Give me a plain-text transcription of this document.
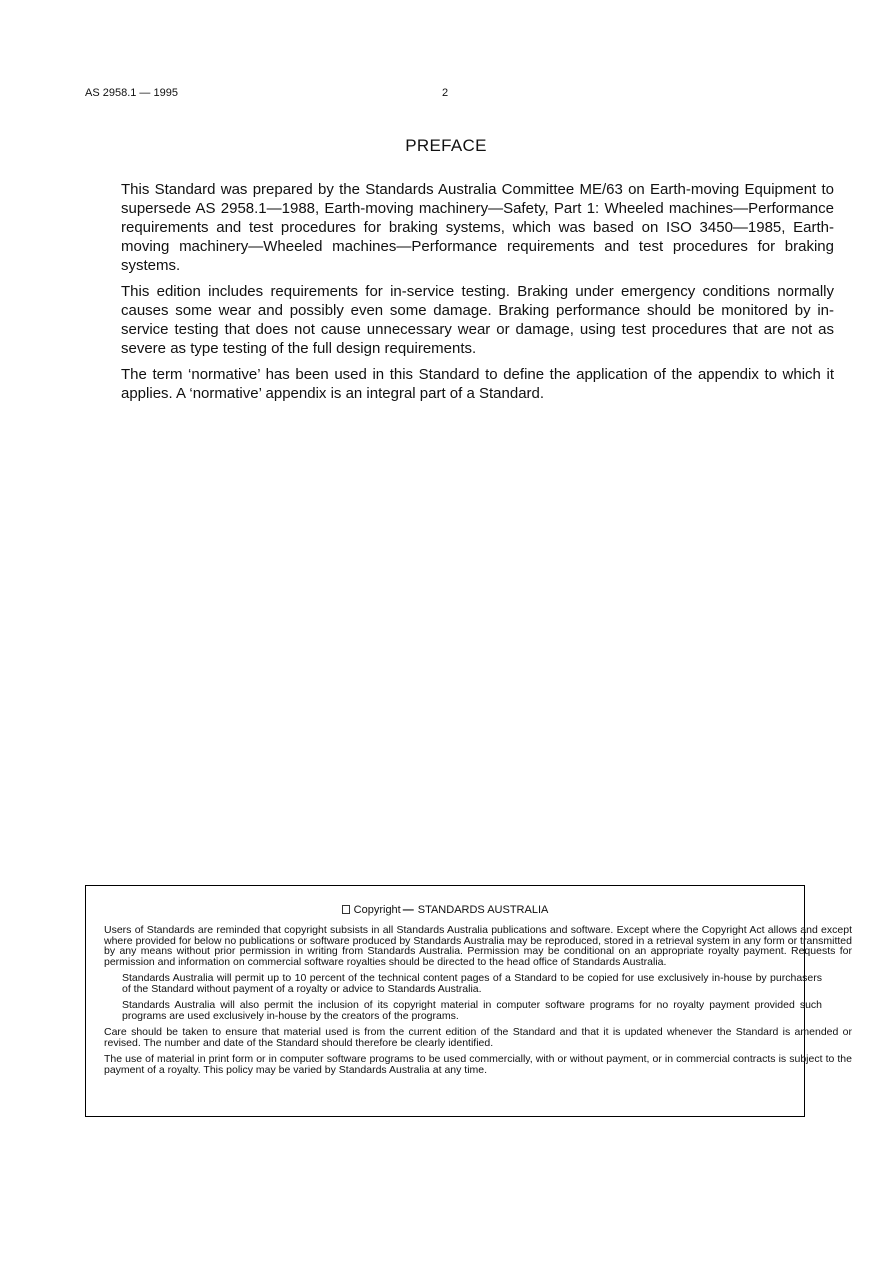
AS 2958.1 — 1995	2
PREFACE

This Standard was prepared by the Standards Australia Committee ME/63 on Earth-moving Equipment to supersede AS 2958.1—1988, Earth-moving machinery—Safety, Part 1: Wheeled machines—Performance requirements and test procedures for braking systems, which was based on ISO 3450—1985, Earth-moving machinery—Wheeled machines—Performance requirements and test procedures for braking systems.

This edition includes requirements for in-service testing. Braking under emergency conditions normally causes some wear and possibly even some damage. Braking performance should be monitored by in-service testing that does not cause unnecessary wear or damage, using test procedures that are not as severe as type testing of the full design requirements.

The term ‘normative’ has been used in this Standard to define the application of the appendix to which it applies. A ‘normative’ appendix is an integral part of a Standard.

Copyright — STANDARDS AUSTRALIA

Users of Standards are reminded that copyright subsists in all Standards Australia publications and software. Except where the Copyright Act allows and except where provided for below no publications or software produced by Standards Australia may be reproduced, stored in a retrieval system in any form or transmitted by any means without prior permission in writing from Standards Australia. Permission may be conditional on an appropriate royalty payment. Requests for permission and information on commercial software royalties should be directed to the head office of Standards Australia.

Standards Australia will permit up to 10 percent of the technical content pages of a Standard to be copied for use exclusively in-house by purchasers of the Standard without payment of a royalty or advice to Standards Australia.

Standards Australia will also permit the inclusion of its copyright material in computer software programs for no royalty payment provided such programs are used exclusively in-house by the creators of the programs.

Care should be taken to ensure that material used is from the current edition of the Standard and that it is updated whenever the Standard is amended or revised. The number and date of the Standard should therefore be clearly identified.

The use of material in print form or in computer software programs to be used commercially, with or without payment, or in commercial contracts is subject to the payment of a royalty. This policy may be varied by Standards Australia at any time.
